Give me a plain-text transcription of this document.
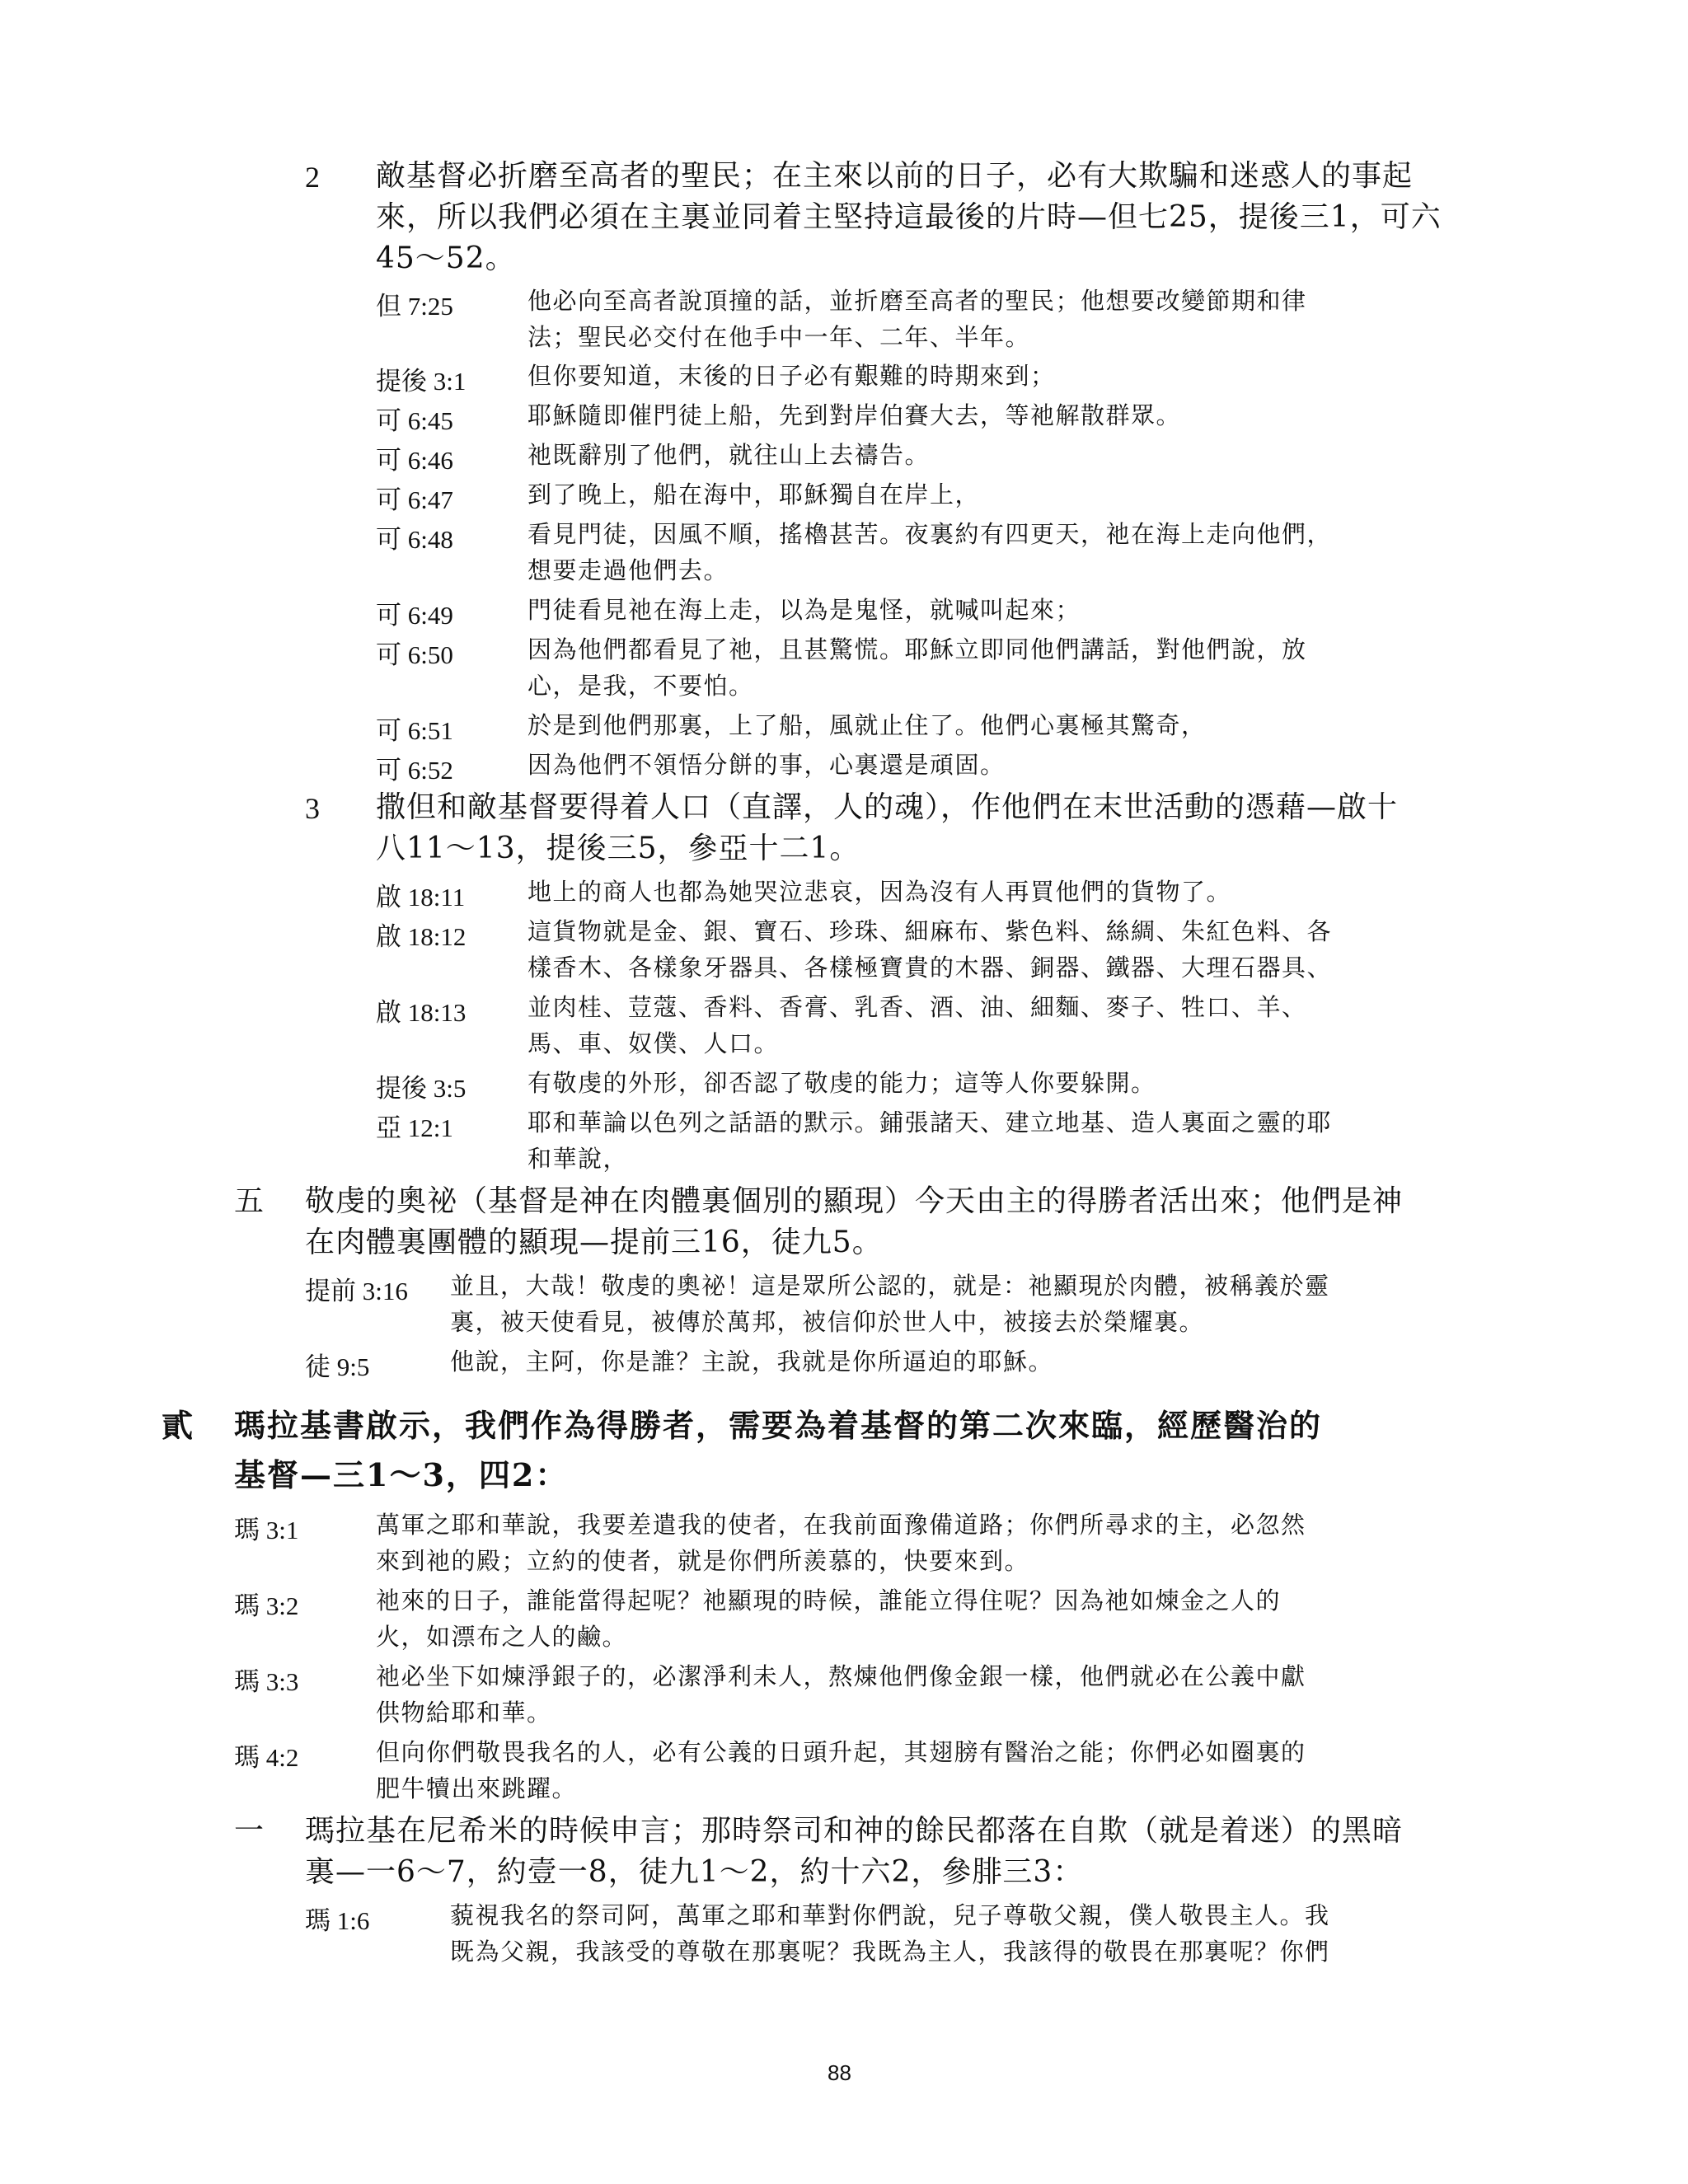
2 敵基督必折磨至高者的聖民；在主來以前的日子，必有大欺騙和迷惑人的事起
來，所以我們必須在主裏並同着主堅持這最後的片時—但七25，提後三1，可六
45～52。
但 7:25	他必向至高者說頂撞的話，並折磨至高者的聖民；他想要改變節期和律
法；聖民必交付在他手中一年、二年、半年。
提後 3:1	但你要知道，末後的日子必有艱難的時期來到；
可 6:45	耶穌隨即催門徒上船，先到對岸伯賽大去，等祂解散群眾。
可 6:46	祂既辭別了他們，就往山上去禱告。
可 6:47	到了晚上，船在海中，耶穌獨自在岸上，
可 6:48	看見門徒，因風不順，搖櫓甚苦。夜裏約有四更天，祂在海上走向他們，
想要走過他們去。
可 6:49	門徒看見祂在海上走，以為是鬼怪，就喊叫起來；
可 6:50	因為他們都看見了祂，且甚驚慌。耶穌立即同他們講話，對他們說，放
心，是我，不要怕。
可 6:51	於是到他們那裏，上了船，風就止住了。他們心裏極其驚奇，
可 6:52	因為他們不領悟分餅的事，心裏還是頑固。
3 撒但和敵基督要得着人口（直譯，人的魂），作他們在末世活動的憑藉—啟十
八11～13，提後三5，參亞十二1。
啟 18:11	地上的商人也都為她哭泣悲哀，因為沒有人再買他們的貨物了。
啟 18:12	這貨物就是金、銀、寶石、珍珠、細麻布、紫色料、絲綢、朱紅色料、各
樣香木、各樣象牙器具、各樣極寶貴的木器、銅器、鐵器、大理石器具、
啟 18:13	並肉桂、荳蔻、香料、香膏、乳香、酒、油、細麵、麥子、牲口、羊、
馬、車、奴僕、人口。
提後 3:5	有敬虔的外形，卻否認了敬虔的能力；這等人你要躲開。
亞 12:1	耶和華論以色列之話語的默示。鋪張諸天、建立地基、造人裏面之靈的耶
和華說，
五 敬虔的奧祕（基督是神在肉體裏個別的顯現）今天由主的得勝者活出來；他們是神
在肉體裏團體的顯現—提前三16，徒九5。
提前 3:16 並且，大哉！敬虔的奧祕！這是眾所公認的，就是：祂顯現於肉體，被稱義於靈
裏，被天使看見，被傳於萬邦，被信仰於世人中，被接去於榮耀裏。
徒 9:5	他說，主阿，你是誰？主說，我就是你所逼迫的耶穌。
貳 瑪拉基書啟示，我們作為得勝者，需要為着基督的第二次來臨，經歷醫治的
基督—三1～3，四2：
瑪 3:1	萬軍之耶和華說，我要差遣我的使者，在我前面豫備道路；你們所尋求的主，必忽然
來到祂的殿；立約的使者，就是你們所羨慕的，快要來到。
瑪 3:2	祂來的日子，誰能當得起呢？祂顯現的時候，誰能立得住呢？因為祂如煉金之人的
火，如漂布之人的鹼。
瑪 3:3	祂必坐下如煉淨銀子的，必潔淨利未人，熬煉他們像金銀一樣，他們就必在公義中獻
供物給耶和華。
瑪 4:2	但向你們敬畏我名的人，必有公義的日頭升起，其翅膀有醫治之能；你們必如圈裏的
肥牛犢出來跳躍。
一 瑪拉基在尼希米的時候申言；那時祭司和神的餘民都落在自欺（就是着迷）的黑暗
裏—一6～7，約壹一8，徒九1～2，約十六2，參腓三3：
瑪 1:6	藐視我名的祭司阿，萬軍之耶和華對你們說，兒子尊敬父親，僕人敬畏主人。我
既為父親，我該受的尊敬在那裏呢？我既為主人，我該得的敬畏在那裏呢？你們
88
